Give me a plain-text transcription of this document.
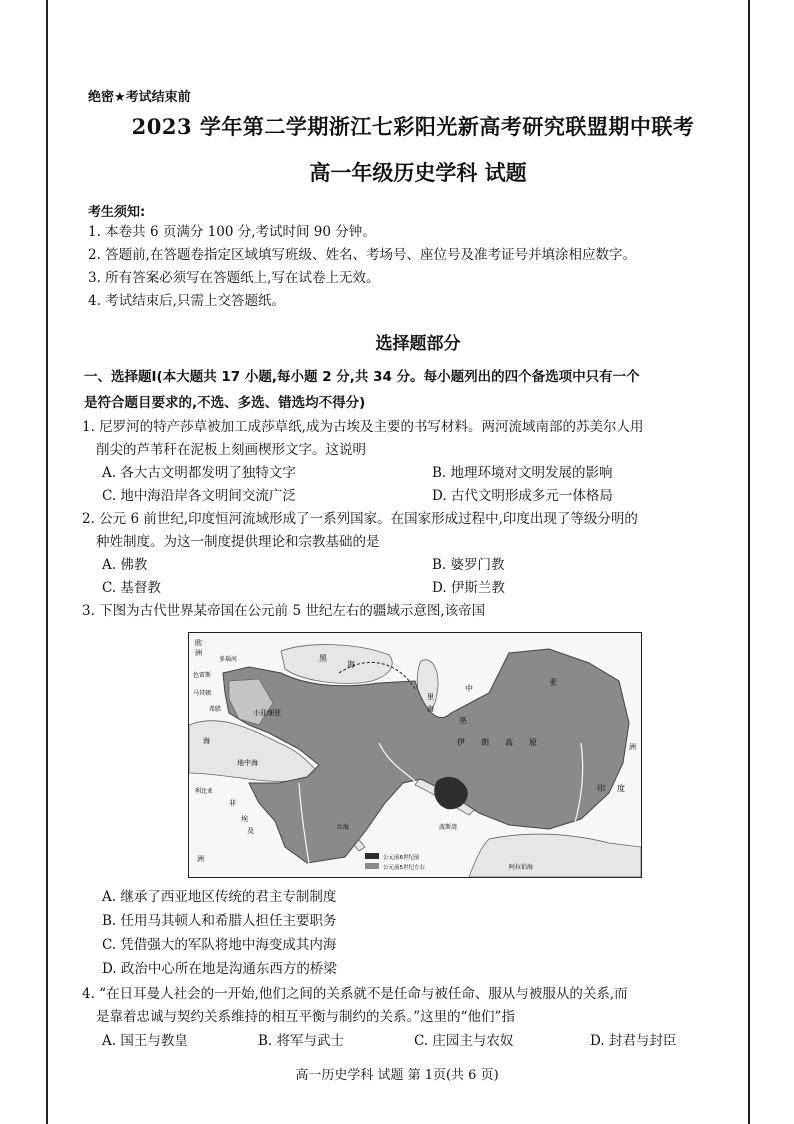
绝密★考试结束前

2023 学年第二学期浙江七彩阳光新高考研究联盟期中联考
高一年级历史学科 试题
考生须知:

1. 本卷共 6 页满分 100 分,考试时间 90 分钟。

2. 答题前,在答题卷指定区域填写班级、姓名、考场号、座位号及准考证号并填涂相应数字。

3. 所有答案必须写在答题纸上,写在试卷上无效。

4. 考试结束后,只需上交答题纸。

选择题部分
一、选择题Ⅰ(本大题共 17 小题,每小题 2 分,共 34 分。每小题列出的四个备选项中只有一个
是符合题目要求的,不选、多选、错选均不得分)
1. 尼罗河的特产莎草被加工成莎草纸,成为古埃及主要的书写材料。两河流域南部的苏美尔人用
削尖的芦苇秆在泥板上刻画楔形文字。这说明
A. 各大古文明都发明了独特文字	B. 地理环境对文明发展的影响
C. 地中海沿岸各文明间交流广泛	D. 古代文明形成多元一体格局
2. 公元 6 前世纪,印度恒河流域形成了一系列国家。在国家形成过程中,印度出现了等级分明的
种姓制度。为这一制度提供理论和宗教基础的是
A. 佛教	B. 婆罗门教
C. 基督教	D. 伊斯兰教
3. 下图为古代世界某帝国在公元前 5 世纪左右的疆域示意图,该帝国

A. 继承了西亚地区传统的君主专制制度

B. 任用马其顿人和希腊人担任主要职务

C. 凭借强大的军队将地中海变成其内海

D. 政治中心所在地是沟通东西方的桥梁

4. “在日耳曼人社会的一开始,他们之间的关系就不是任命与被任命、服从与被服从的关系,而
是靠着忠诚与契约关系维持的相互平衡与制约的关系。”这里的“他们”指
A. 国王与教皇	B. 将军与武士	C. 庄园主与农奴	D. 封君与封臣
欧
洲
多瑙河	黑
海
色雷斯
马其顿
希腊	小亚细亚
地中海
海
利比亚
非
埃
及
洲
中
亚
里
海
伊 朗 高 原
巫
红海
印 度
阿拉伯海
波斯湾
洲
公元前6世纪前
公元前5世纪左右
高一历史学科 试题 第 1页(共 6 页)
